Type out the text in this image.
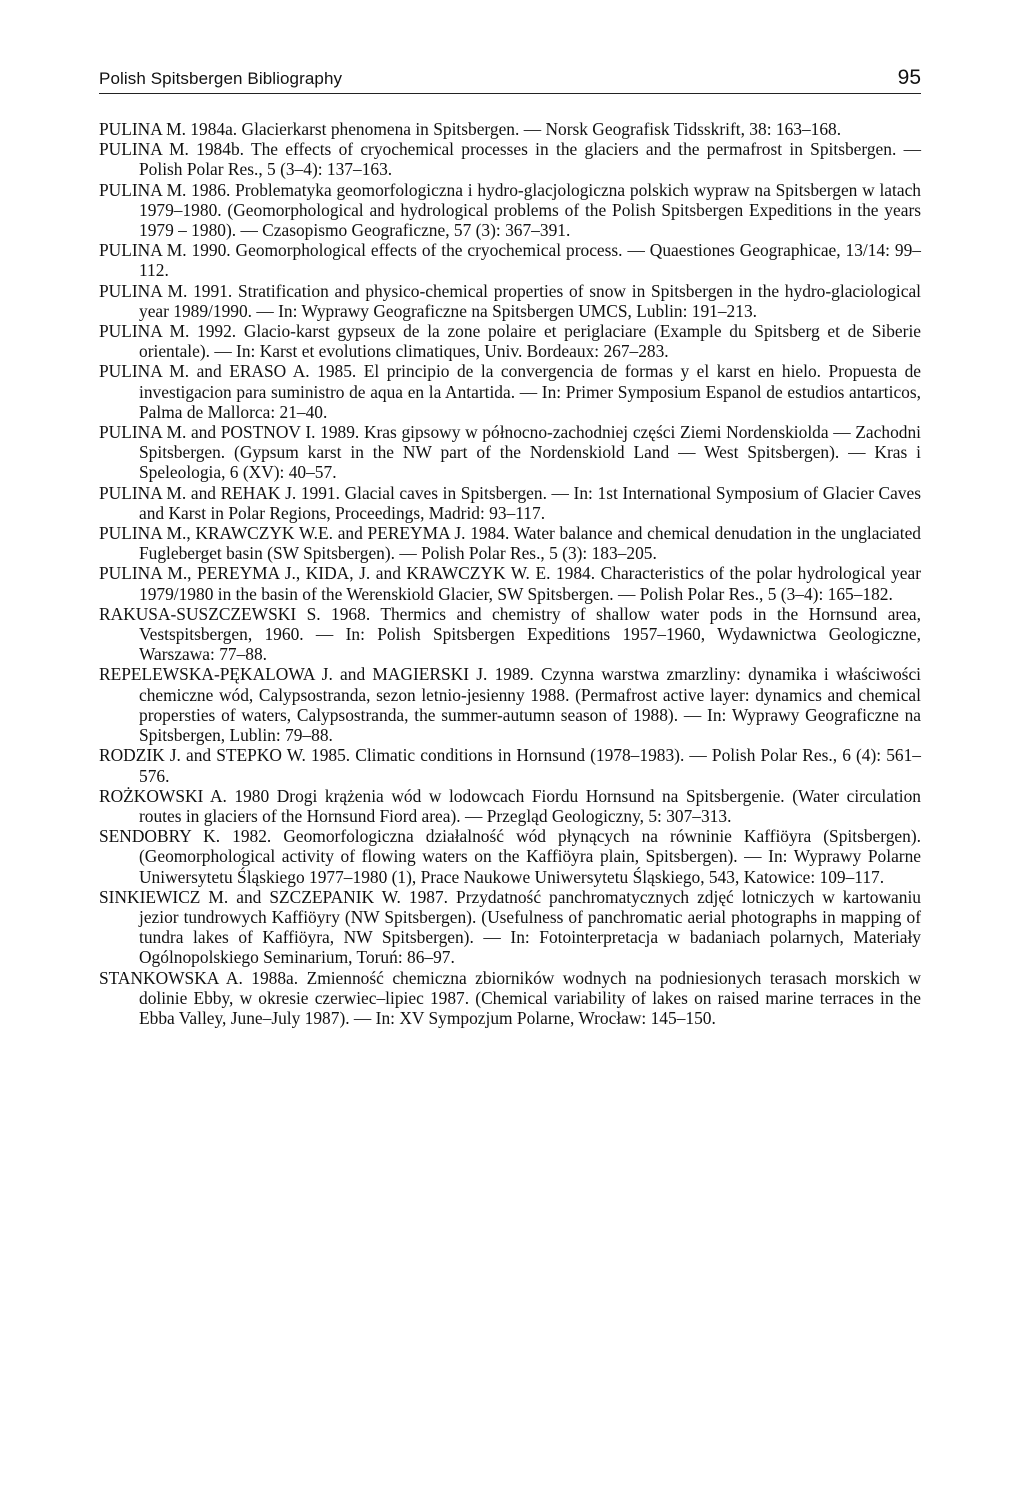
Polish Spitsbergen Bibliography	95

PULINA M. 1984a. Glacierkarst phenomena in Spitsbergen. — Norsk Geografisk Tidsskrift, 38: 163–168.

PULINA M. 1984b. The effects of cryochemical processes in the glaciers and the permafrost in Spitsbergen. — Polish Polar Res., 5 (3–4): 137–163.

PULINA M. 1986. Problematyka geomorfologiczna i hydro-glacjologiczna polskich wypraw na Spitsbergen w latach 1979–1980. (Geomorphological and hydrological problems of the Polish Spitsbergen Expeditions in the years 1979 – 1980). — Czasopismo Geograficzne, 57 (3): 367–391.

PULINA M. 1990. Geomorphological effects of the cryochemical process. — Quaestiones Geographicae, 13/14: 99–112.

PULINA M. 1991. Stratification and physico-chemical properties of snow in Spitsbergen in the hydro-glaciological year 1989/1990. — In: Wyprawy Geograficzne na Spitsbergen UMCS, Lublin: 191–213.

PULINA M. 1992. Glacio-karst gypseux de la zone polaire et periglaciare (Example du Spitsberg et de Siberie orientale). — In: Karst et evolutions climatiques, Univ. Bordeaux: 267–283.

PULINA M. and ERASO A. 1985. El principio de la convergencia de formas y el karst en hielo. Propuesta de investigacion para suministro de aqua en la Antartida. — In: Primer Symposium Espanol de estudios antarticos, Palma de Mallorca: 21–40.

PULINA M. and POSTNOV I. 1989. Kras gipsowy w północno-zachodniej części Ziemi Nordenskiolda — Zachodni Spitsbergen. (Gypsum karst in the NW part of the Nordenskiold Land — West Spitsbergen). — Kras i Speleologia, 6 (XV): 40–57.

PULINA M. and REHAK J. 1991. Glacial caves in Spitsbergen. — In: 1st International Symposium of Glacier Caves and Karst in Polar Regions, Proceedings, Madrid: 93–117.

PULINA M., KRAWCZYK W.E. and PEREYMA J. 1984. Water balance and chemical denudation in the unglaciated Fugleberget basin (SW Spitsbergen). — Polish Polar Res., 5 (3): 183–205.

PULINA M., PEREYMA J., KIDA, J. and KRAWCZYK W. E. 1984. Characteristics of the polar hydrological year 1979/1980 in the basin of the Werenskiold Glacier, SW Spitsbergen. — Polish Polar Res., 5 (3–4): 165–182.

RAKUSA-SUSZCZEWSKI S. 1968. Thermics and chemistry of shallow water pods in the Hornsund area, Vestspitsbergen, 1960. — In: Polish Spitsbergen Expeditions 1957–1960, Wydawnictwa Geologiczne, Warszawa: 77–88.

REPELEWSKA-PĘKALOWA J. and MAGIERSKI J. 1989. Czynna warstwa zmarzliny: dynamika i właściwości chemiczne wód, Calypsostranda, sezon letnio-jesienny 1988. (Permafrost active layer: dynamics and chemical propersties of waters, Calypsostranda, the summer-autumn season of 1988). — In: Wyprawy Geograficzne na Spitsbergen, Lublin: 79–88.

RODZIK J. and STEPKO W. 1985. Climatic conditions in Hornsund (1978–1983). — Polish Polar Res., 6 (4): 561–576.

ROŻKOWSKI A. 1980 Drogi krążenia wód w lodowcach Fiordu Hornsund na Spitsbergenie. (Water circulation routes in glaciers of the Hornsund Fiord area). — Przegląd Geologiczny, 5: 307–313.

SENDOBRY K. 1982. Geomorfologiczna działalność wód płynących na równinie Kaffiöyra (Spitsbergen). (Geomorphological activity of flowing waters on the Kaffiöyra plain, Spitsbergen). — In: Wyprawy Polarne Uniwersytetu Śląskiego 1977–1980 (1), Prace Naukowe Uniwersytetu Śląskiego, 543, Katowice: 109–117.

SINKIEWICZ M. and SZCZEPANIK W. 1987. Przydatność panchromatycznych zdjęć lotniczych w kartowaniu jezior tundrowych Kaffiöyry (NW Spitsbergen). (Usefulness of panchromatic aerial photographs in mapping of tundra lakes of Kaffiöyra, NW Spitsbergen). — In: Fotointerpretacja w badaniach polarnych, Materiały Ogólnopolskiego Seminarium, Toruń: 86–97.

STANKOWSKA A. 1988a. Zmienność chemiczna zbiorników wodnych na podniesionych terasach morskich w dolinie Ebby, w okresie czerwiec–lipiec 1987. (Chemical variability of lakes on raised marine terraces in the Ebba Valley, June–July 1987). — In: XV Sympozjum Polarne, Wrocław: 145–150.
